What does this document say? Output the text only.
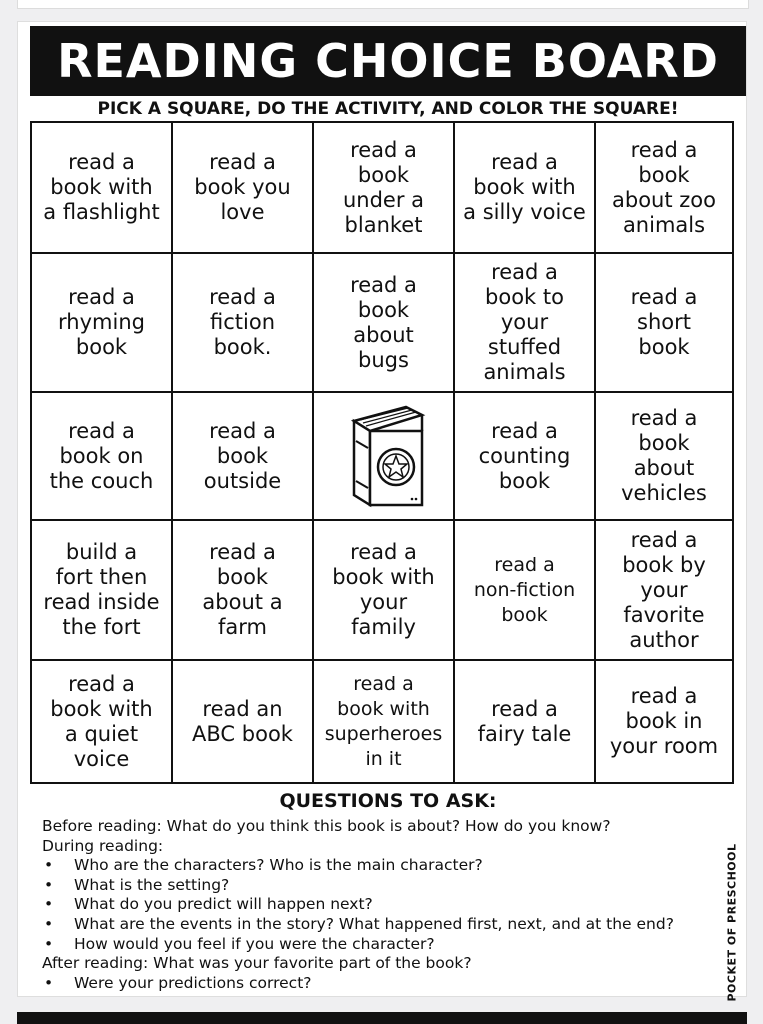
READING CHOICE BOARD
PICK A SQUARE, DO THE ACTIVITY, AND COLOR THE SQUARE!
read a
book with
a flashlight
read a
book you
love
read a
book
under a
blanket
read a
book with
a silly voice
read a
book
about zoo
animals
read a
rhyming
book
read a
fiction
book.
read a
book
about
bugs
read a
book to
your
stuffed
animals
read a
short
book
read a
book on
the couch
read a
book
outside
read a
counting
book
read a
book
about
vehicles
build a
fort then
read inside
the fort
read a
book
about a
farm
read a
book with
your
family
read a
non-fiction
book
read a
book by
your
favorite
author
read a
book with
a quiet
voice
read an
ABC book
read a
book with
superheroes
in it
read a
fairy tale
read a
book in
your room
QUESTIONS TO ASK:
Before reading: What do you think this book is about? How do you know?
During reading:
• Who are the characters? Who is the main character?
• What is the setting?
• What do you predict will happen next?
• What are the events in the story? What happened first, next, and at the end?
• How would you feel if you were the character?
After reading: What was your favorite part of the book?
• Were your predictions correct?	POCKET OF PRESCHOOL
